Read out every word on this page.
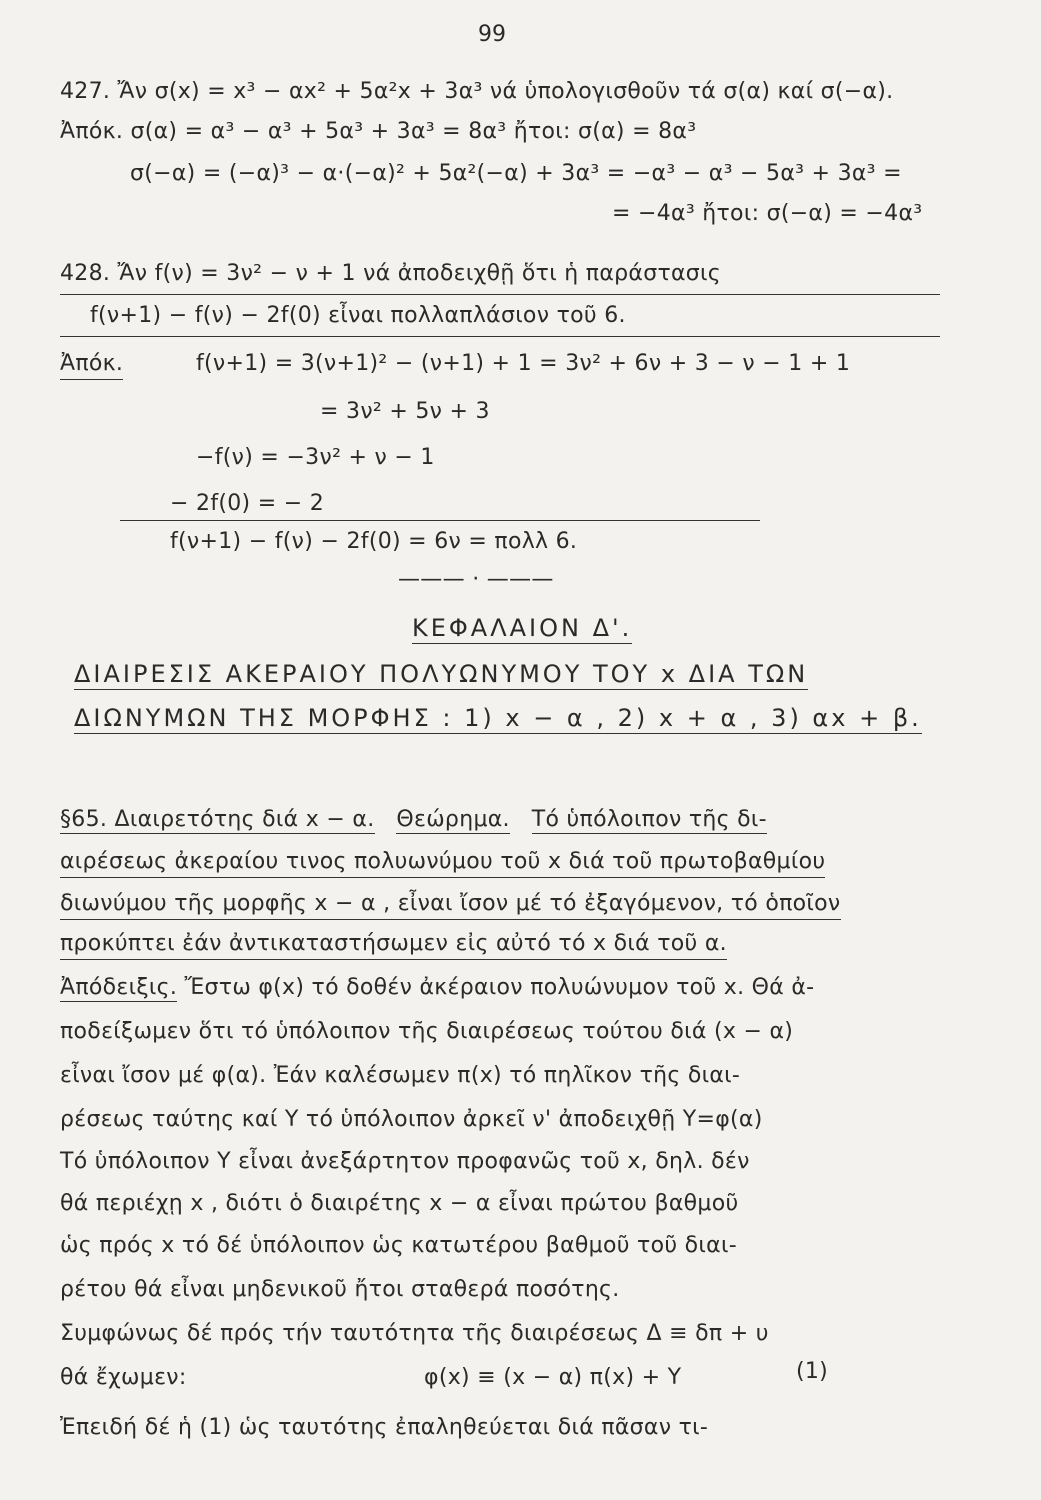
99
427. Ἄν σ(x) = x³ − αx² + 5α²x + 3α³ νά ὑπολογισθοῦν τά σ(α) καί σ(−α).
Ἀπόκ. σ(α) = α³ − α³ + 5α³ + 3α³ = 8α³ ἤτοι: σ(α) = 8α³
σ(−α) = (−α)³ − α·(−α)² + 5α²(−α) + 3α³ = −α³ − α³ − 5α³ + 3α³ =
= −4α³ ἤτοι: σ(−α) = −4α³
428. Ἄν f(ν) = 3ν² − ν + 1 νά ἀποδειχθῇ ὅτι ἡ παράστασις
f(ν+1) − f(ν) − 2f(0) εἶναι πολλαπλάσιον τοῦ 6.
Ἀπόκ.	f(ν+1) = 3(ν+1)² − (ν+1) + 1 = 3ν² + 6ν + 3 − ν − 1 + 1
= 3ν² + 5ν + 3
−f(ν) = −3ν² + ν − 1
− 2f(0) = − 2
f(ν+1) − f(ν) − 2f(0) = 6ν = πολλ 6.
——— · ———
ΚΕΦΑΛΑΙΟΝ Δ'.
ΔΙΑΙΡΕΣΙΣ ΑΚΕΡΑΙΟΥ ΠΟΛΥΩΝΥΜΟΥ ΤΟΥ x ΔΙΑ ΤΩΝ
ΔΙΩΝΥΜΩΝ ΤΗΣ ΜΟΡΦΗΣ : 1) x − α , 2) x + α , 3) αx + β.
§65. Διαιρετότης διά x − α. Θεώρημα. Τό ὑπόλοιπον τῆς δι-
αιρέσεως ἀκεραίου τινος πολυωνύμου τοῦ x διά τοῦ πρωτοβαθμίου
διωνύμου τῆς μορφῆς x − α , εἶναι ἴσον μέ τό ἐξαγόμενον, τό ὁποῖον
προκύπτει ἐάν ἀντικαταστήσωμεν εἰς αὐτό τό x διά τοῦ α.
Ἀπόδειξις. Ἔστω φ(x) τό δοθέν ἀκέραιον πολυώνυμον τοῦ x. Θά ἀ-
ποδείξωμεν ὅτι τό ὑπόλοιπον τῆς διαιρέσεως τούτου διά (x − α)
εἶναι ἴσον μέ φ(α). Ἐάν καλέσωμεν π(x) τό πηλῖκον τῆς διαι-
ρέσεως ταύτης καί Υ τό ὑπόλοιπον ἀρκεῖ ν' ἀποδειχθῇ Υ=φ(α)
Τό ὑπόλοιπον Υ εἶναι ἀνεξάρτητον προφανῶς τοῦ x, δηλ. δέν
θά περιέχῃ x , διότι ὁ διαιρέτης x − α εἶναι πρώτου βαθμοῦ
ὡς πρός x τό δέ ὑπόλοιπον ὡς κατωτέρου βαθμοῦ τοῦ διαι-
ρέτου θά εἶναι μηδενικοῦ ἤτοι σταθερά ποσότης.
Συμφώνως δέ πρός τήν ταυτότητα τῆς διαιρέσεως Δ ≡ δπ + υ
θά ἔχωμεν:	φ(x) ≡ (x − α) π(x) + Υ	(1)
Ἐπειδή δέ ἡ (1) ὡς ταυτότης ἐπαληθεύεται διά πᾶσαν τι-
